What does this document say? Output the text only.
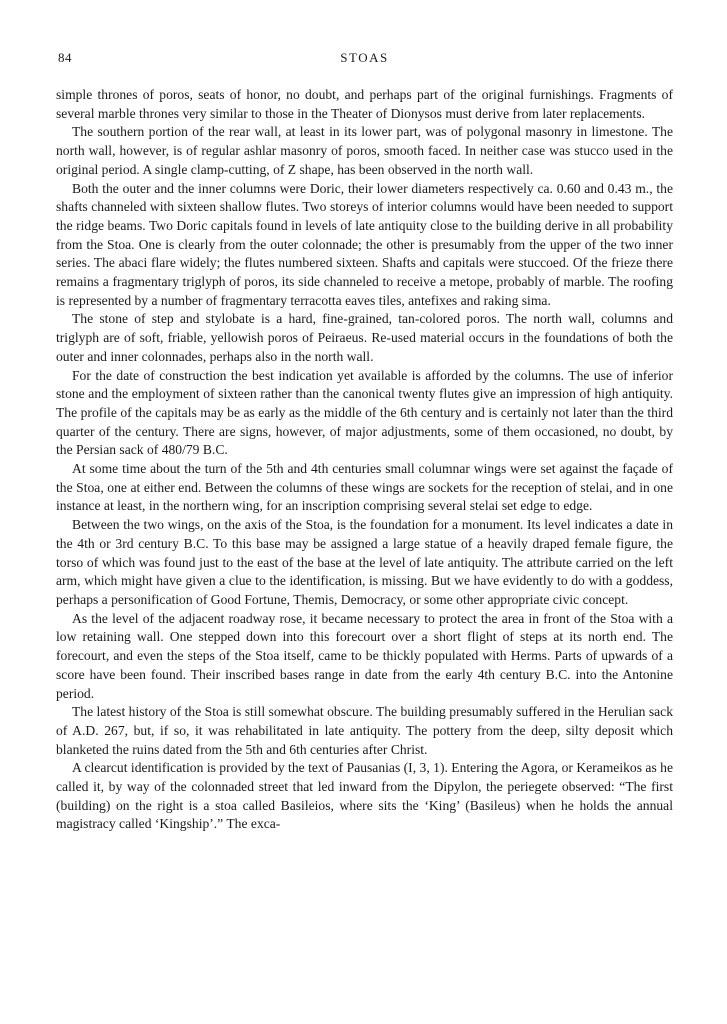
84	STOAS

simple thrones of poros, seats of honor, no doubt, and perhaps part of the original furnishings. Fragments of several marble thrones very similar to those in the Theater of Dionysos must derive from later replacements.

The southern portion of the rear wall, at least in its lower part, was of polygonal masonry in limestone. The north wall, however, is of regular ashlar masonry of poros, smooth faced. In neither case was stucco used in the original period. A single clamp-cutting, of Z shape, has been observed in the north wall.

Both the outer and the inner columns were Doric, their lower diameters respectively ca. 0.60 and 0.43 m., the shafts channeled with sixteen shallow flutes. Two storeys of interior columns would have been needed to support the ridge beams. Two Doric capitals found in levels of late antiquity close to the building derive in all probability from the Stoa. One is clearly from the outer colonnade; the other is presumably from the upper of the two inner series. The abaci flare widely; the flutes numbered sixteen. Shafts and capitals were stuccoed. Of the frieze there remains a fragmentary triglyph of poros, its side channeled to receive a metope, probably of marble. The roofing is represented by a number of fragmentary terracotta eaves tiles, antefixes and raking sima.

The stone of step and stylobate is a hard, fine-grained, tan-colored poros. The north wall, columns and triglyph are of soft, friable, yellowish poros of Peiraeus. Re-used material occurs in the foundations of both the outer and inner colonnades, perhaps also in the north wall.

For the date of construction the best indication yet available is afforded by the columns. The use of inferior stone and the employment of sixteen rather than the canonical twenty flutes give an impression of high antiquity. The profile of the capitals may be as early as the middle of the 6th century and is certainly not later than the third quarter of the century. There are signs, however, of major adjustments, some of them occasioned, no doubt, by the Persian sack of 480/79 B.C.

At some time about the turn of the 5th and 4th centuries small columnar wings were set against the façade of the Stoa, one at either end. Between the columns of these wings are sockets for the reception of stelai, and in one instance at least, in the northern wing, for an inscription comprising several stelai set edge to edge.

Between the two wings, on the axis of the Stoa, is the foundation for a monument. Its level indicates a date in the 4th or 3rd century B.C. To this base may be assigned a large statue of a heavily draped female figure, the torso of which was found just to the east of the base at the level of late antiquity. The attribute carried on the left arm, which might have given a clue to the identification, is missing. But we have evidently to do with a goddess, perhaps a personification of Good Fortune, Themis, Democracy, or some other appropriate civic concept.

As the level of the adjacent roadway rose, it became necessary to protect the area in front of the Stoa with a low retaining wall. One stepped down into this forecourt over a short flight of steps at its north end. The forecourt, and even the steps of the Stoa itself, came to be thickly populated with Herms. Parts of upwards of a score have been found. Their inscribed bases range in date from the early 4th century B.C. into the Antonine period.

The latest history of the Stoa is still somewhat obscure. The building presumably suffered in the Herulian sack of A.D. 267, but, if so, it was rehabilitated in late antiquity. The pottery from the deep, silty deposit which blanketed the ruins dated from the 5th and 6th centuries after Christ.

A clearcut identification is provided by the text of Pausanias (I, 3, 1). Entering the Agora, or Kerameikos as he called it, by way of the colonnaded street that led inward from the Dipylon, the periegete observed: “The first (building) on the right is a stoa called Basileios, where sits the ‘King’ (Basileus) when he holds the annual magistracy called ‘Kingship’.” The exca-
